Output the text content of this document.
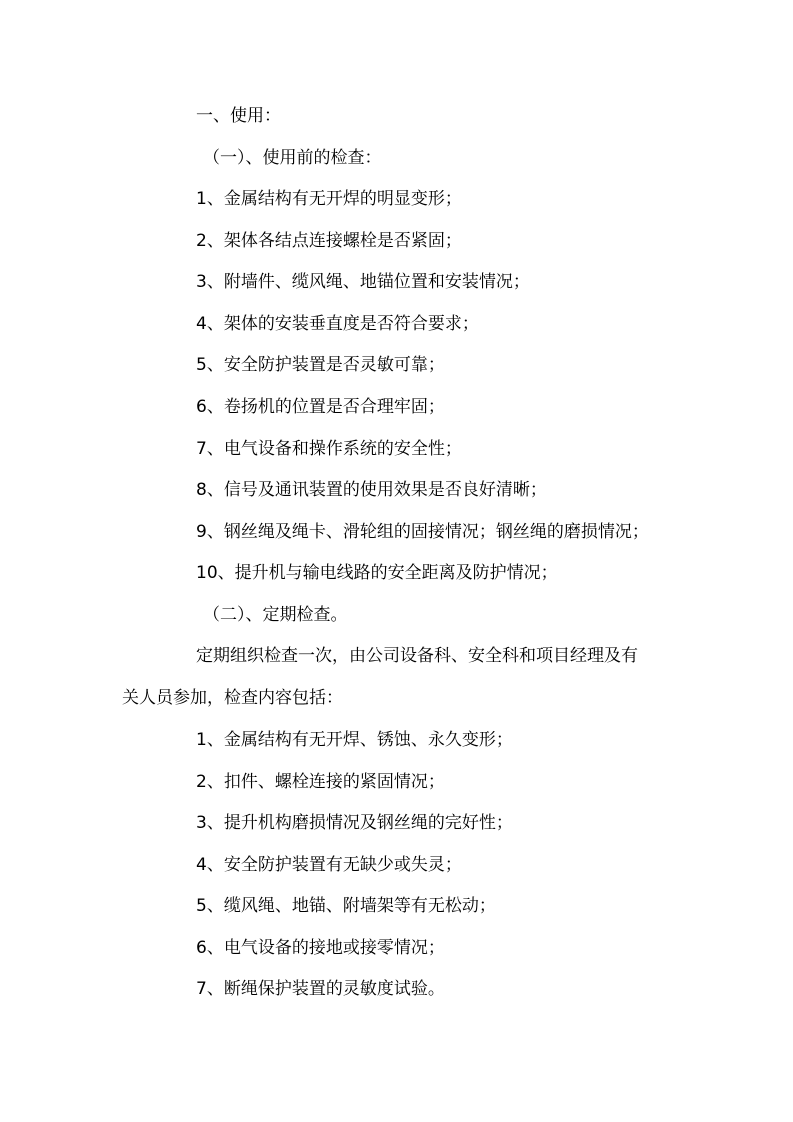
一、使用：
（一）、使用前的检查：
1、金属结构有无开焊的明显变形；
2、架体各结点连接螺栓是否紧固；
3、附墙件、缆风绳、地锚位置和安装情况；
4、架体的安装垂直度是否符合要求；
5、安全防护装置是否灵敏可靠；
6、卷扬机的位置是否合理牢固；
7、电气设备和操作系统的安全性；
8、信号及通讯装置的使用效果是否良好清晰；
9、钢丝绳及绳卡、滑轮组的固接情况；钢丝绳的磨损情况；
10、提升机与输电线路的安全距离及防护情况；
（二）、定期检查。
定期组织检查一次，由公司设备科、安全科和项目经理及有
关人员参加，检查内容包括：
1、金属结构有无开焊、锈蚀、永久变形；
2、扣件、螺栓连接的紧固情况；
3、提升机构磨损情况及钢丝绳的完好性；
4、安全防护装置有无缺少或失灵；
5、缆风绳、地锚、附墙架等有无松动；
6、电气设备的接地或接零情况；
7、断绳保护装置的灵敏度试验。
